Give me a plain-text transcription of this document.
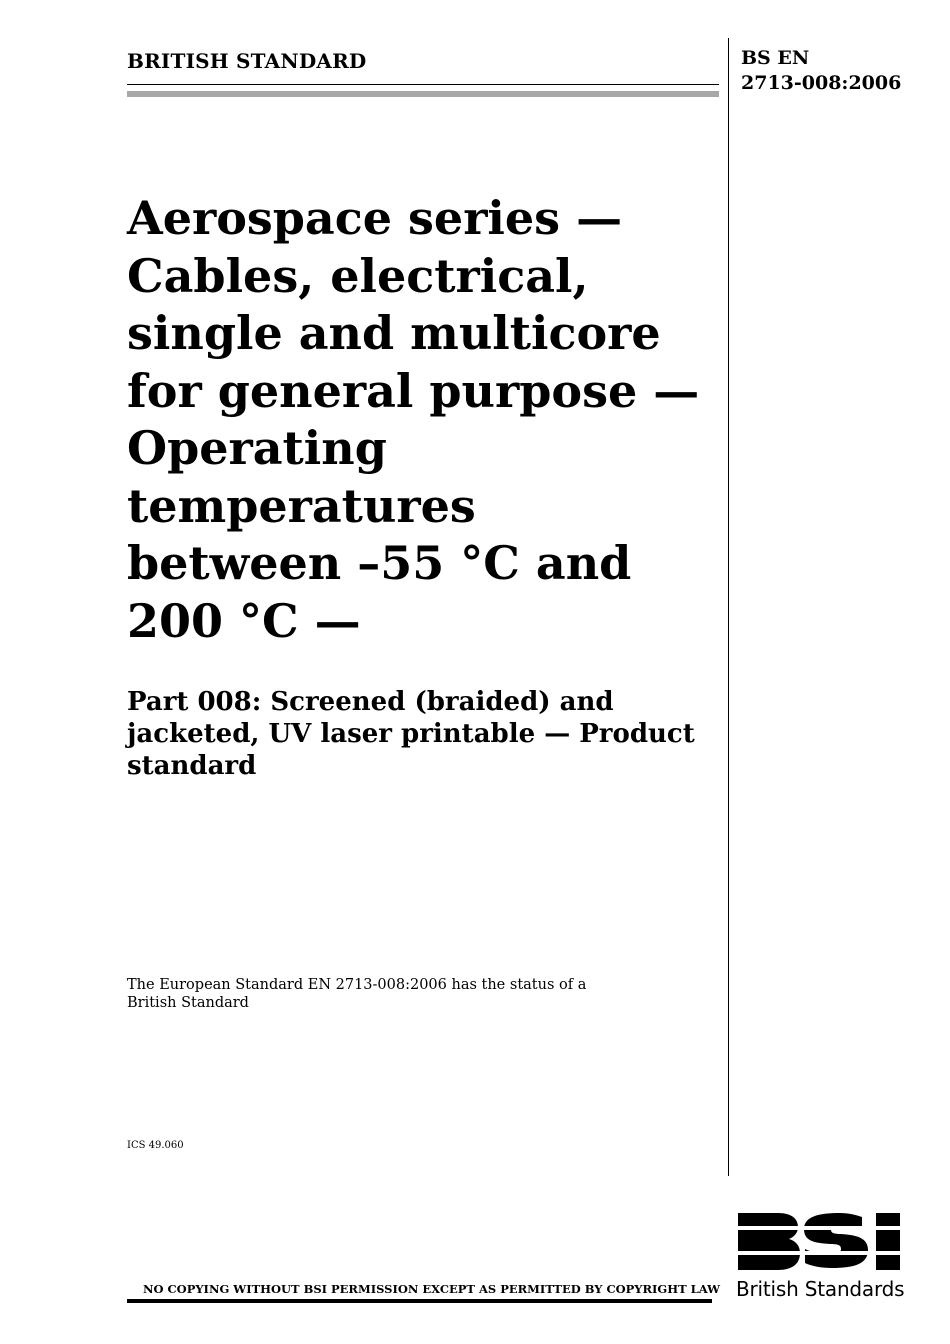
BRITISH STANDARD	BS EN
2713-008:2006
Aerospace series —
Cables, electrical,
single and multicore
for general purpose —
Operating
temperatures
between –55 °C and
200 °C —
Part 008: Screened (braided) and
jacketed, UV laser printable — Product
standard
The European Standard EN 2713-008:2006 has the status of a
British Standard
ICS 49.060
NO COPYING WITHOUT BSI PERMISSION EXCEPT AS PERMITTED BY COPYRIGHT LAW British Standards
